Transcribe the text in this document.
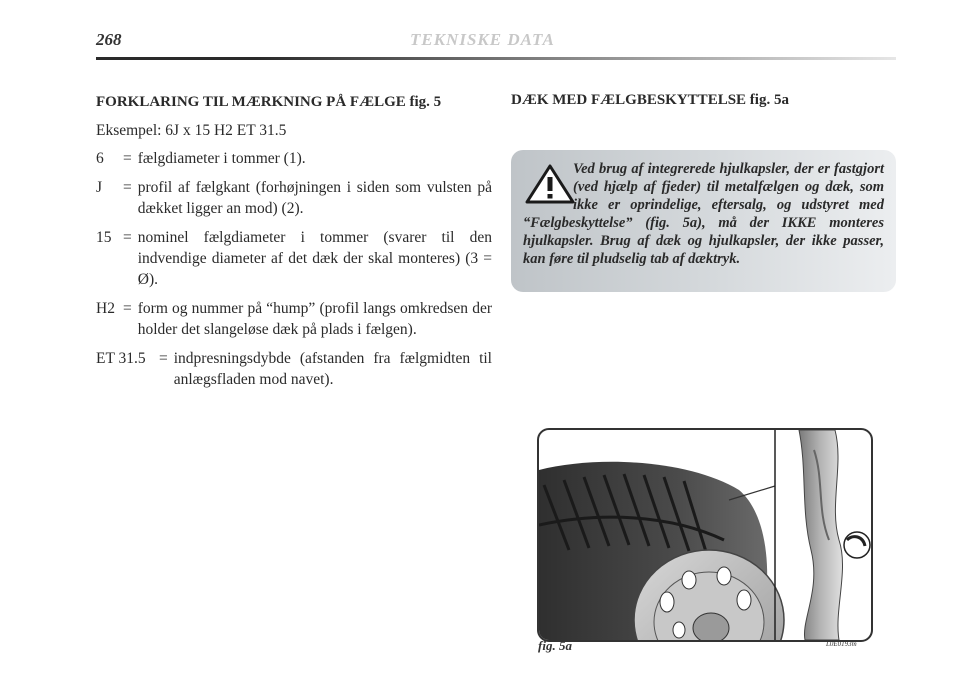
268	TEKNISKE DATA
FORKLARING TIL MÆRKNING PÅ FÆLGE fig. 5
Eksempel: 6J x 15 H2 ET 31.5
6	= fælgdiameter i tommer (1).
J	= profil af fælgkant (forhøjningen i siden som vulsten på dækket ligger an mod) (2).
15 = nominel fælgdiameter i tommer (svarer til den indvendige diameter af det dæk der skal monteres) (3 = Ø).
H2 = form og nummer på “hump” (profil langs omkredsen der holder det slangeløse dæk på plads i fælgen).
ET 31.5 = indpresningsdybde (afstanden fra fælgmidten til anlægsfladen mod navet).
DÆK MED FÆLGBESKYTTELSE fig. 5a
Ved brug af integrerede hjulkapsler, der er fastgjort (ved hjælp af fjeder) til metalfælgen og dæk, som ikke er oprindelige, eftersalg, og udstyret med “Fælgbeskyttelse” (fig. 5a), må der IKKE monteres hjulkapsler. Brug af dæk og hjulkapsler, der ikke passer, kan føre til pludselig tab af dæktryk.
fig. 5a	L0E0193m
